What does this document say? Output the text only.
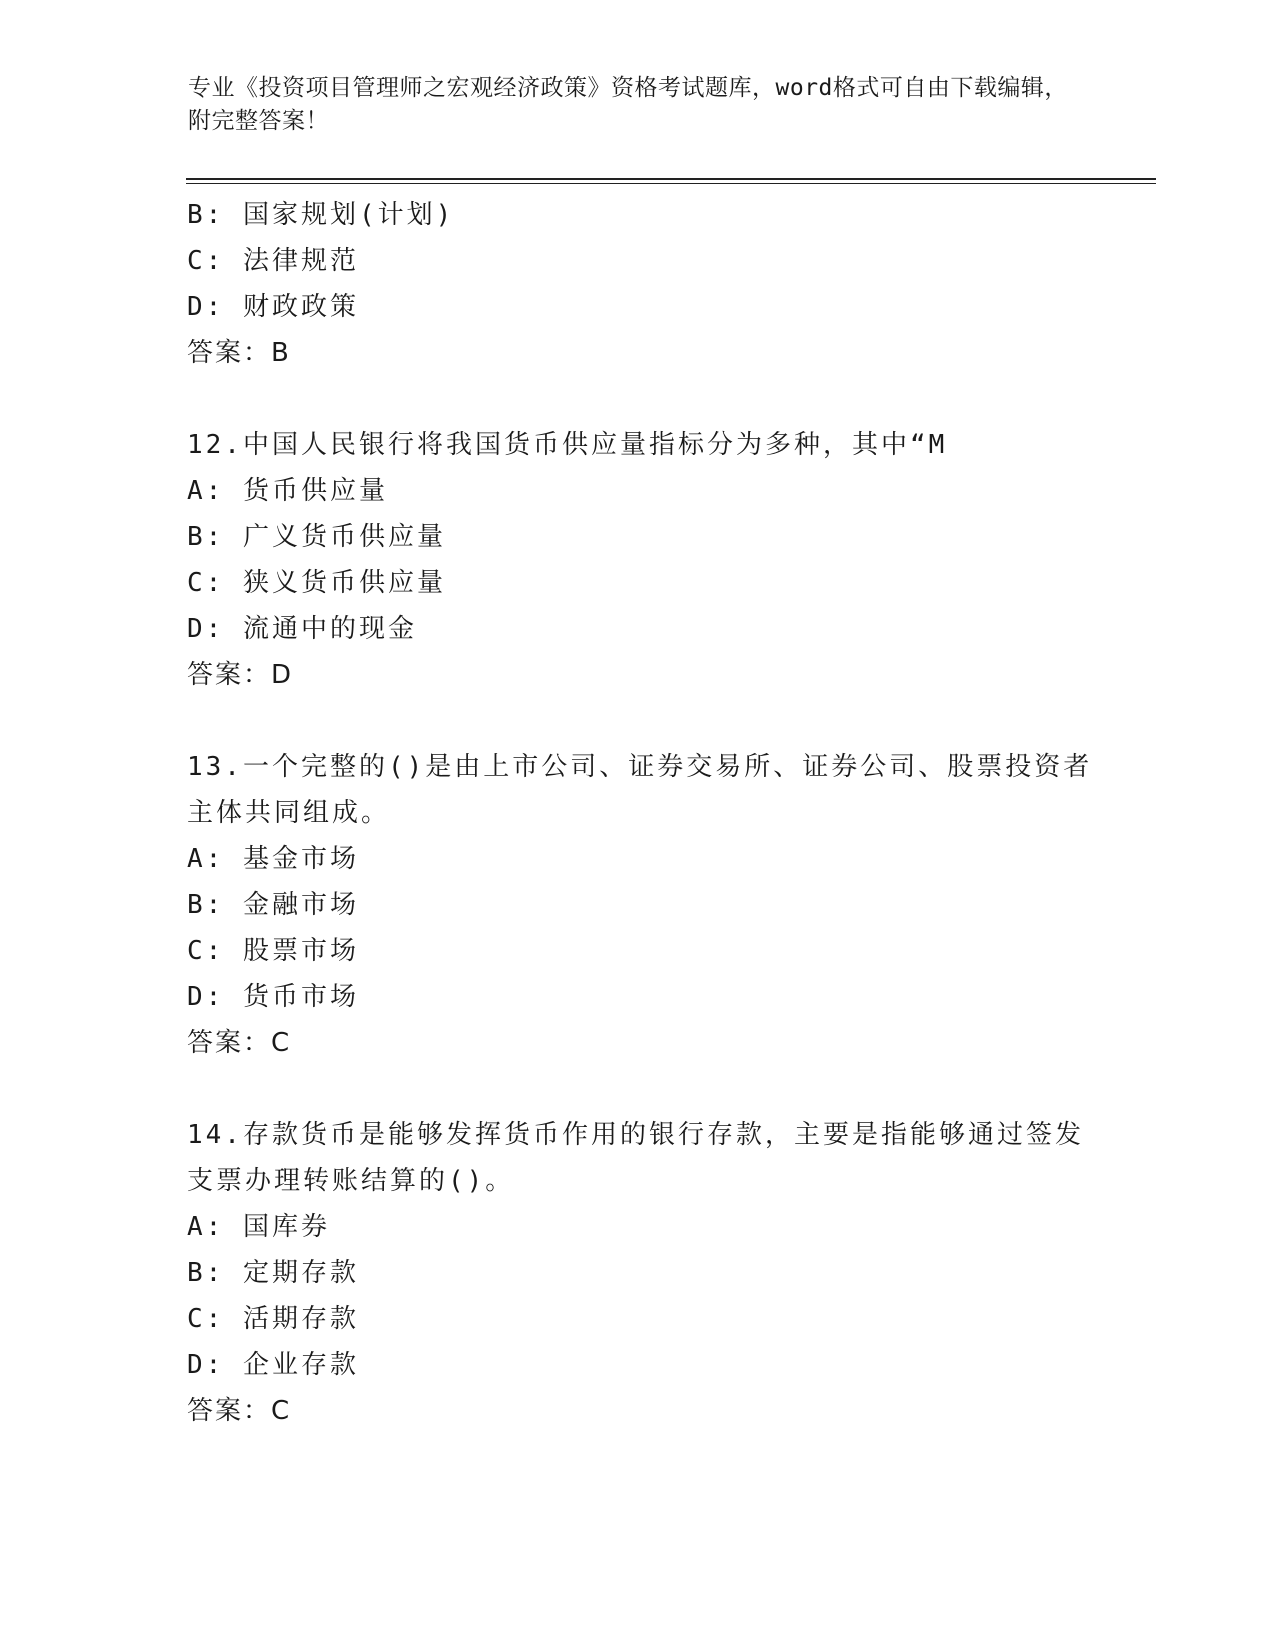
专业《投资项目管理师之宏观经济政策》资格考试题库，word格式可自由下载编辑，附完整答案！
B: 国家规划(计划)
C: 法律规范
D: 财政政策
答案：B
12.中国人民银行将我国货币供应量指标分为多种，其中“M
A: 货币供应量
B: 广义货币供应量
C: 狭义货币供应量
D: 流通中的现金
答案：D
13.一个完整的()是由上市公司、证券交易所、证券公司、股票投资者
主体共同组成。
A: 基金市场
B: 金融市场
C: 股票市场
D: 货币市场
答案：C
14.存款货币是能够发挥货币作用的银行存款，主要是指能够通过签发
支票办理转账结算的()。
A: 国库券
B: 定期存款
C: 活期存款
D: 企业存款
答案：C
